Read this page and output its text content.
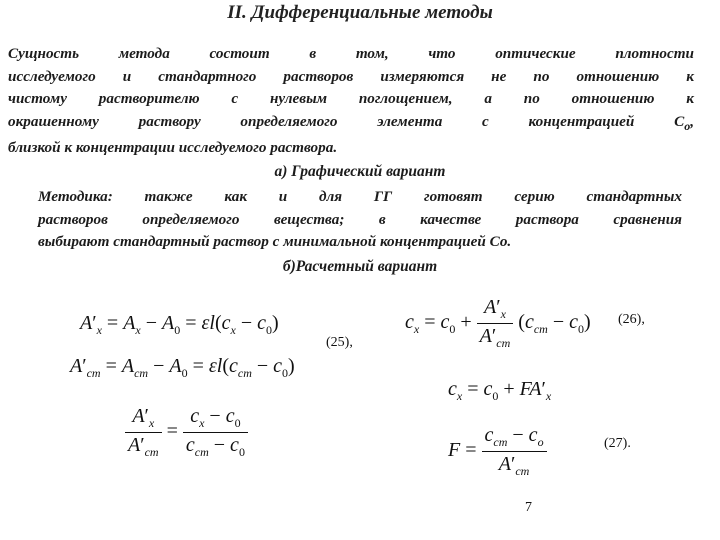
II. Дифференциальные методы
Сущность метода состоит в том, что оптические плотности
исследуемого и стандартного растворов измеряются не по отношению к
чистому растворителю с нулевым поглощением, а по отношению к
окрашенному раствору определяемого элемента с концентрацией $C_o$,
близкой к концентрации исследуемого раствора.
а) Графический вариант
Методика: также как и для ГГ готовят серию стандартных
растворов определяемого вещества; в качестве раствора сравнения
выбирают стандартный раствор с минимальной концентрацией Со.
б)Расчетный вариант
$A'_x = A_x - A_0 = \varepsilon l(c_x - c_0)$
$A'_{cm} = A_{cm} - A_0 = \varepsilon l(c_{cm} - c_0)$
(25),
$\frac{A'_x}{A'_{cm}} = \frac{c_x - c_0}{c_{cm} - c_0}$
$c_x = c_0 + \frac{A'_x}{A'_{cm}} (c_{cm} - c_0)$ (26),
$c_x = c_0 + FA'_x$
$F = \frac{c_{cm} - c_o}{A'_{cm}}$	(27).
7
